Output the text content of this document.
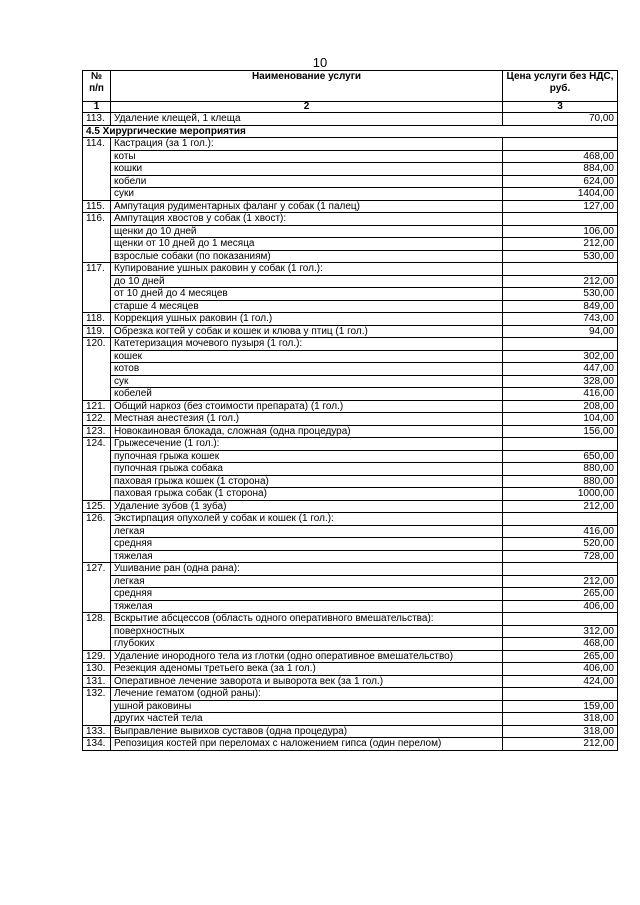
10
№ п/п	Наименование услуги	Цена услуги без НДС, руб.
1	2	3
113.	Удаление клещей, 1 клеща	70,00
4.5 Хирургические мероприятия		
114.	Кастрация (за 1 гол.):	
	коты	468,00
	кошки	884,00
	кобели	624,00
	суки	1404,00
115.	Ампутация рудиментарных фаланг у собак (1 палец)	127,00
116.	Ампутация хвостов у собак (1 хвост):	
	щенки до 10 дней	106,00
	щенки от 10 дней до 1 месяца	212,00
	взрослые собаки (по показаниям)	530,00
117.	Купирование ушных раковин у собак (1 гол.):	
	до 10 дней	212,00
	от 10 дней до 4 месяцев	530,00
	старше 4 месяцев	849,00
118.	Коррекция ушных раковин (1 гол.)	743,00
119.	Обрезка когтей у собак и кошек и клюва у птиц (1 гол.)	94,00
120.	Катетеризация мочевого пузыря (1 гол.):	
	кошек	302,00
	котов	447,00
	сук	328,00
	кобелей	416,00
121.	Общий наркоз (без стоимости препарата) (1 гол.)	208,00
122.	Местная анестезия (1 гол.)	104,00
123.	Новокаиновая блокада, сложная (одна процедура)	156,00
124.	Грыжесечение (1 гол.):	
	пупочная грыжа кошек	650,00
	пупочная грыжа собака	880,00
	паховая грыжа кошек (1 сторона)	880,00
	паховая грыжа собак (1 сторона)	1000,00
125.	Удаление зубов (1 зуба)	212,00
126.	Экстирпация опухолей у собак и кошек (1 гол.):	
	легкая	416,00
	средняя	520,00
	тяжелая	728,00
127.	Ушивание ран (одна рана):	
	легкая	212,00
	средняя	265,00
	тяжелая	406,00
128.	Вскрытие абсцессов (область одного оперативного вмешательства):	
	поверхностных	312,00
	глубоких	468,00
129.	Удаление инородного тела из глотки (одно оперативное вмешательство)	265,00
130.	Резекция аденомы третьего века (за 1 гол.)	406,00
131.	Оперативное лечение заворота и выворота век (за 1 гол.)	424,00
132.	Лечение гематом (одной раны):	
	ушной раковины	159,00
	других частей тела	318,00
133.	Выправление вывихов суставов (одна процедура)	318,00
134.	Репозиция костей при переломах с наложением гипса (один перелом)	212,00
